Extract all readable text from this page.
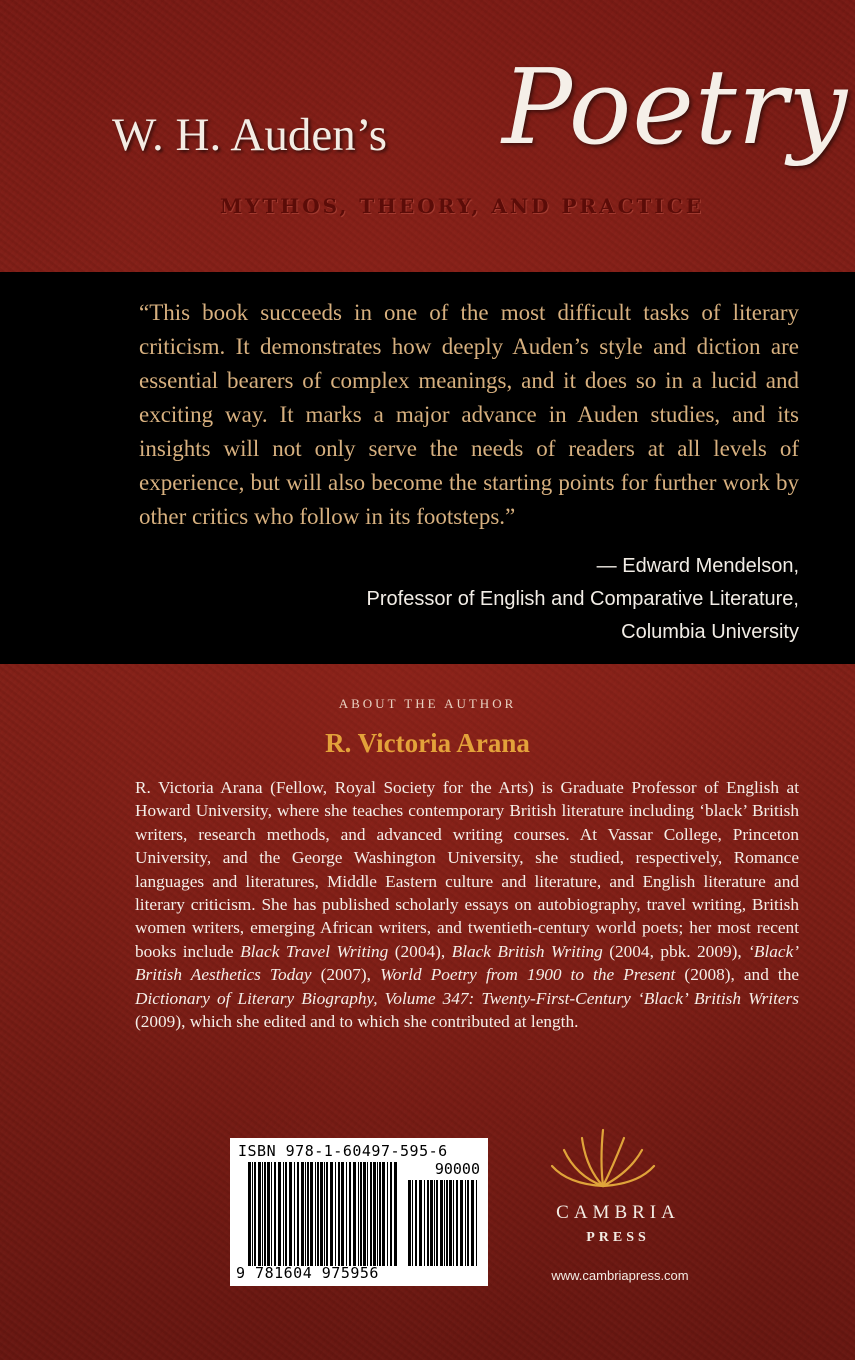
W. H. Auden’s Poetry
MYTHOS, THEORY, AND PRACTICE
“This book succeeds in one of the most difficult tasks of literary criticism. It demonstrates how deeply Auden’s style and diction are essential bearers of complex meanings, and it does so in a lucid and exciting way. It marks a major advance in Auden studies, and its insights will not only serve the needs of readers at all levels of experience, but will also become the starting points for further work by other critics who follow in its footsteps.”
— Edward Mendelson,
Professor of English and Comparative Literature,
Columbia University
ABOUT THE AUTHOR
R. Victoria Arana
R. Victoria Arana (Fellow, Royal Society for the Arts) is Graduate Professor of English at Howard University, where she teaches contemporary British literature including ‘black’ British writers, research methods, and advanced writing courses. At Vassar College, Princeton University, and the George Washington University, she studied, respectively, Romance languages and literatures, Middle Eastern culture and literature, and English literature and literary criticism. She has published scholarly essays on autobiography, travel writing, British women writers, emerging African writers, and twentieth-century world poets; her most recent books include Black Travel Writing (2004), Black British Writing (2004, pbk. 2009), ‘Black’ British Aesthetics Today (2007), World Poetry from 1900 to the Present (2008), and the Dictionary of Literary Biography, Volume 347: Twenty-First-Century ‘Black’ British Writers (2009), which she edited and to which she contributed at length.
ISBN 978-1-60497-595-6
90000
9 781604 975956
CAMBRIA
PRESS
www.cambriapress.com
